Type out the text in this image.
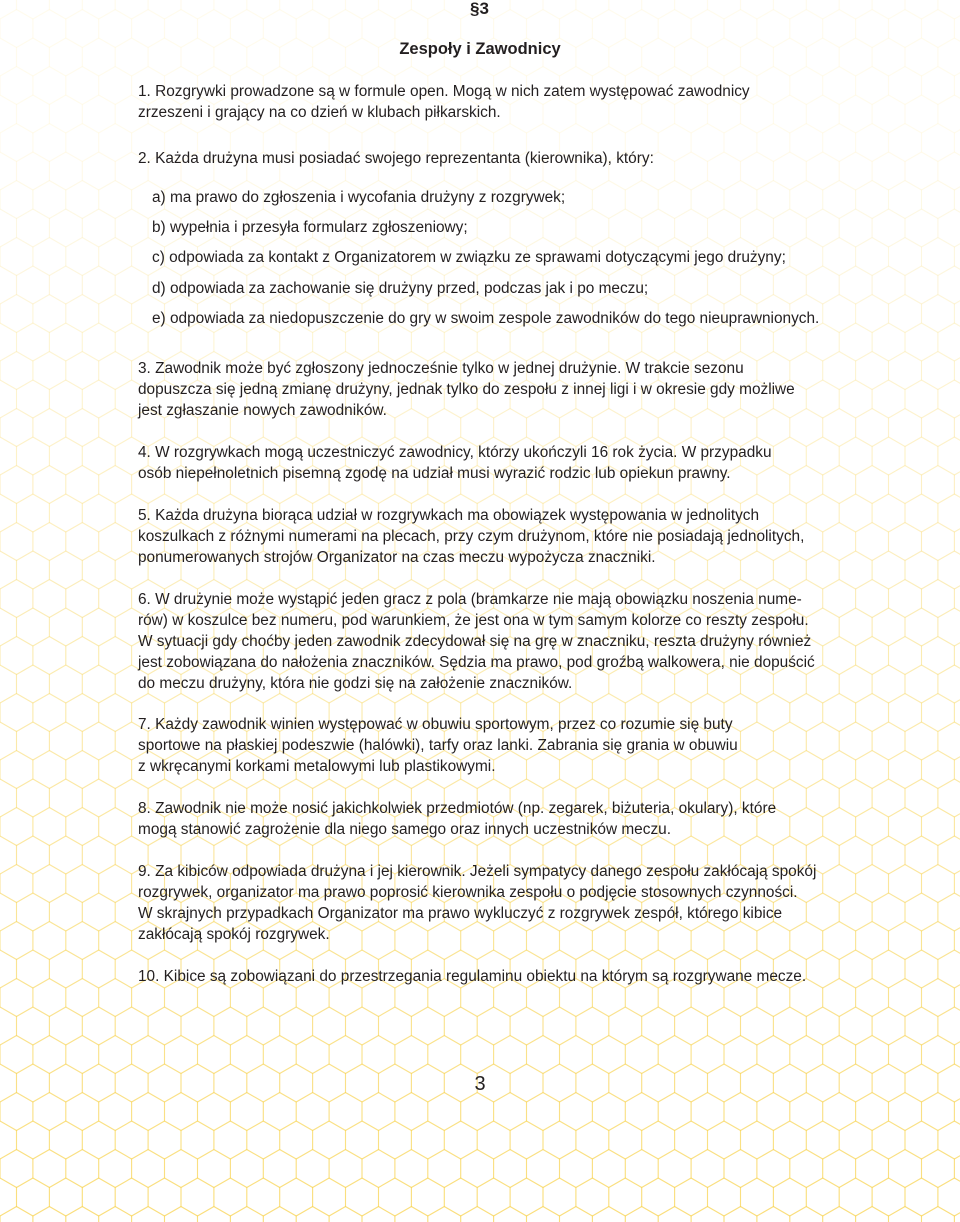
§3
Zespoły i Zawodnicy

1. Rozgrywki prowadzone są w formule open. Mogą w nich zatem występować zawodnicy

zrzeszeni i grający na co dzień w klubach piłkarskich.

2. Każda drużyna musi posiadać swojego reprezentanta (kierownika), który:

a) ma prawo do zgłoszenia i wycofania drużyny z rozgrywek;

b) wypełnia i przesyła formularz zgłoszeniowy;

c) odpowiada za kontakt z Organizatorem w związku ze sprawami dotyczącymi jego drużyny;

d) odpowiada za zachowanie się drużyny przed, podczas jak i po meczu;

e) odpowiada za niedopuszczenie do gry w swoim zespole zawodników do tego nieuprawnionych.

3. Zawodnik może być zgłoszony jednocześnie tylko w jednej drużynie. W trakcie sezonu

dopuszcza się jedną zmianę drużyny, jednak tylko do zespołu z innej ligi i w okresie gdy możliwe

jest zgłaszanie nowych zawodników.

4. W rozgrywkach mogą uczestniczyć zawodnicy, którzy ukończyli 16 rok życia. W przypadku

osób niepełnoletnich pisemną zgodę na udział musi wyrazić rodzic lub opiekun prawny.

5. Każda drużyna biorąca udział w rozgrywkach ma obowiązek występowania w jednolitych

koszulkach z różnymi numerami na plecach, przy czym drużynom, które nie posiadają jednolitych,

ponumerowanych strojów Organizator na czas meczu wypożycza znaczniki.

6. W drużynie może wystąpić jeden gracz z pola (bramkarze nie mają obowiązku noszenia nume-

rów) w koszulce bez numeru, pod warunkiem, że jest ona w tym samym kolorze co reszty zespołu.

W sytuacji gdy choćby jeden zawodnik zdecydował się na grę w znaczniku, reszta drużyny również

jest zobowiązana do nałożenia znaczników. Sędzia ma prawo, pod groźbą walkowera, nie dopuścić

do meczu drużyny, która nie godzi się na założenie znaczników.

7. Każdy zawodnik winien występować w obuwiu sportowym, przez co rozumie się buty

sportowe na płaskiej podeszwie (halówki), tarfy oraz lanki. Zabrania się grania w obuwiu

z wkręcanymi korkami metalowymi lub plastikowymi.

8. Zawodnik nie może nosić jakichkolwiek przedmiotów (np. zegarek, biżuteria, okulary), które

mogą stanowić zagrożenie dla niego samego oraz innych uczestników meczu.

9. Za kibiców odpowiada drużyna i jej kierownik. Jeżeli sympatycy danego zespołu zakłócają spokój

rozgrywek, organizator ma prawo poprosić kierownika zespołu o podjęcie stosownych czynności.

W skrajnych przypadkach Organizator ma prawo wykluczyć z rozgrywek zespół, którego kibice

zakłócają spokój rozgrywek.

10. Kibice są zobowiązani do przestrzegania regulaminu obiektu na którym są rozgrywane mecze.

3
